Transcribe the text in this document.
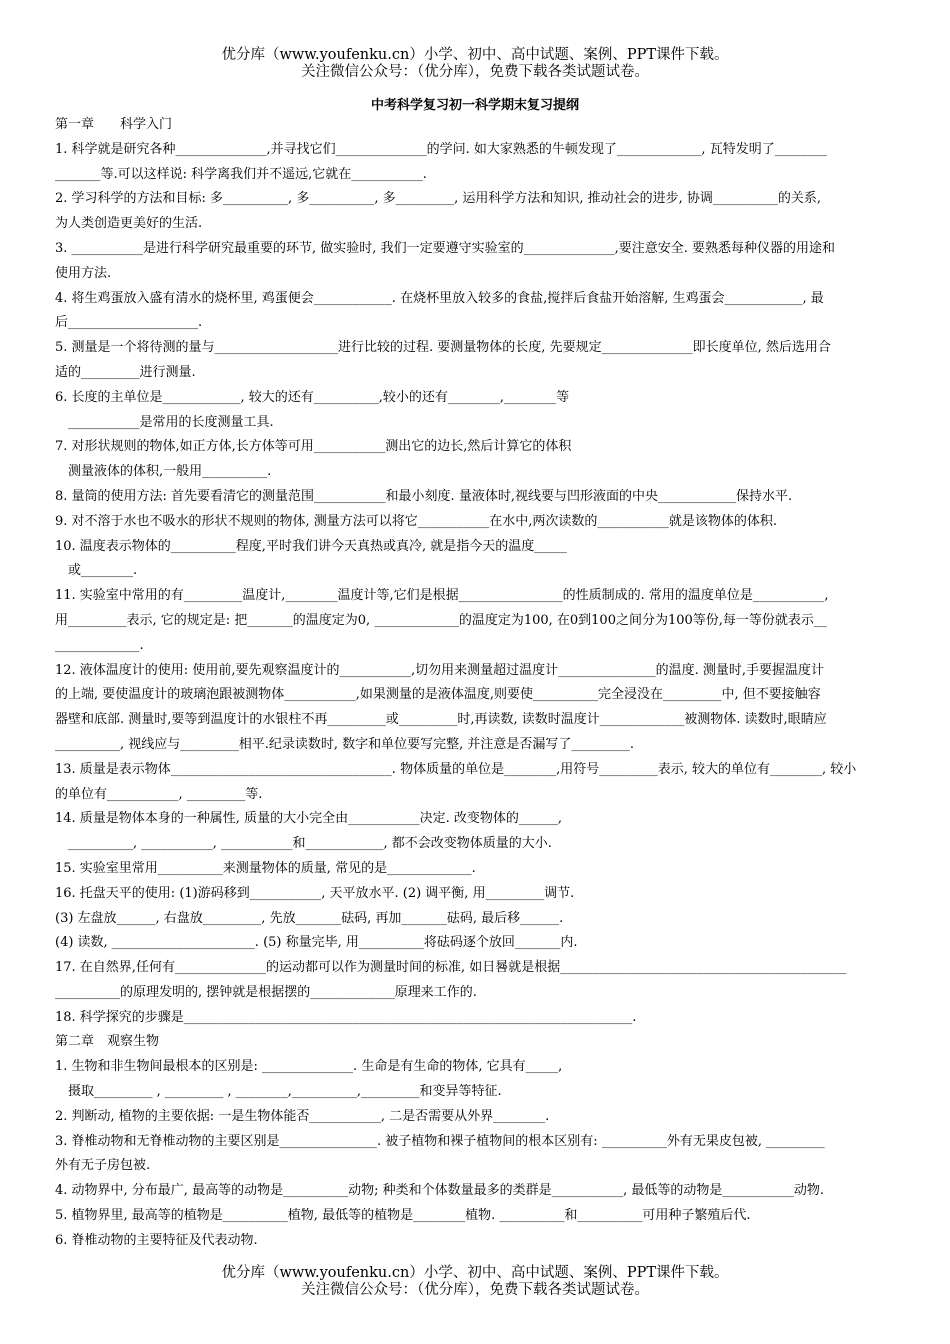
优分库（www.youfenku.cn）小学、初中、高中试题、案例、PPT课件下载。
关注微信公众号：（优分库），免费下载各类试题试卷。
中考科学复习初一科学期末复习提纲

第一章　　科学入门

1. 科学就是研究各种______________,并寻找它们______________的学问. 如大家熟悉的牛顿发现了_____________, 瓦特发明了________

_______等.可以这样说: 科学离我们并不遥远,它就在___________.

2. 学习科学的方法和目标: 多__________, 多__________, 多_________, 运用科学方法和知识, 推动社会的进步, 协调__________的关系,

为人类创造更美好的生活.

3. ___________是进行科学研究最重要的环节, 做实验时, 我们一定要遵守实验室的______________,要注意安全. 要熟悉每种仪器的用途和

使用方法.

4. 将生鸡蛋放入盛有清水的烧杯里, 鸡蛋便会____________. 在烧杯里放入较多的食盐,搅拌后食盐开始溶解, 生鸡蛋会____________, 最

后____________________.

5. 测量是一个将待测的量与___________________进行比较的过程. 要测量物体的长度, 先要规定______________即长度单位, 然后选用合

适的_________进行测量.

6. 长度的主单位是____________, 较大的还有__________,较小的还有________,________等

　___________是常用的长度测量工具.

7. 对形状规则的物体,如正方体,长方体等可用___________测出它的边长,然后计算它的体积

　测量液体的体积,一般用__________.

8. 量筒的使用方法: 首先要看清它的测量范围___________和最小刻度. 量液体时,视线要与凹形液面的中央____________保持水平.

9. 对不溶于水也不吸水的形状不规则的物体, 测量方法可以将它___________在水中,两次读数的___________就是该物体的体积.

10. 温度表示物体的__________程度,平时我们讲今天真热或真冷, 就是指今天的温度_____

　或________.

11. 实验室中常用的有_________温度计,________温度计等,它们是根据________________的性质制成的. 常用的温度单位是___________,

用_________表示, 它的规定是: 把_______的温度定为0, _____________的温度定为100, 在0到100之间分为100等份,每一等份就表示__

_____________.

12. 液体温度计的使用: 使用前,要先观察温度计的___________,切勿用来测量超过温度计_______________的温度. 测量时,手要握温度计

的上端, 要使温度计的玻璃泡跟被测物体___________,如果测量的是液体温度,则要使__________完全浸没在_________中, 但不要接触容

器壁和底部. 测量时,要等到温度计的水银柱不再_________或_________时,再读数, 读数时温度计_____________被测物体. 读数时,眼睛应

__________, 视线应与_________相平.纪录读数时, 数字和单位要写完整, 并注意是否漏写了_________.

13. 质量是表示物体__________________________________. 物体质量的单位是________,用符号_________表示, 较大的单位有________, 较小

的单位有___________, _________等.

14. 质量是物体本身的一种属性, 质量的大小完全由___________决定. 改变物体的______,

　__________, ___________, ___________和____________, 都不会改变物体质量的大小.

15. 实验室里常用__________来测量物体的质量, 常见的是_____________.

16. 托盘天平的使用: (1)游码移到___________, 天平放水平. (2) 调平衡, 用_________调节.

(3) 左盘放______, 右盘放_________, 先放_______砝码, 再加_______砝码, 最后移______.

(4) 读数, ______________________. (5) 称量完毕, 用__________将砝码逐个放回_______内.

17. 在自然界,任何有______________的运动都可以作为测量时间的标准, 如日晷就是根据____________________________________________

__________的原理发明的, 摆钟就是根据摆的_____________原理来工作的.

18. 科学探究的步骤是_____________________________________________________________________.

第二章　观察生物

1. 生物和非生物间最根本的区别是: ______________. 生命是有生命的物体, 它具有_____,

　摄取_________ , _________ , ________,__________,_________和变异等特征.

2. 判断动, 植物的主要依据: 一是生物体能否___________, 二是否需要从外界________.

3. 脊椎动物和无脊椎动物的主要区别是_______________. 被子植物和裸子植物间的根本区别有: __________外有无果皮包被, _________

外有无子房包被.

4. 动物界中, 分布最广, 最高等的动物是__________动物; 种类和个体数量最多的类群是___________, 最低等的动物是___________动物.

5. 植物界里, 最高等的植物是__________植物, 最低等的植物是________植物. __________和__________可用种子繁殖后代.

6. 脊椎动物的主要特征及代表动物.

优分库（www.youfenku.cn）小学、初中、高中试题、案例、PPT课件下载。
关注微信公众号：（优分库），免费下载各类试题试卷。
